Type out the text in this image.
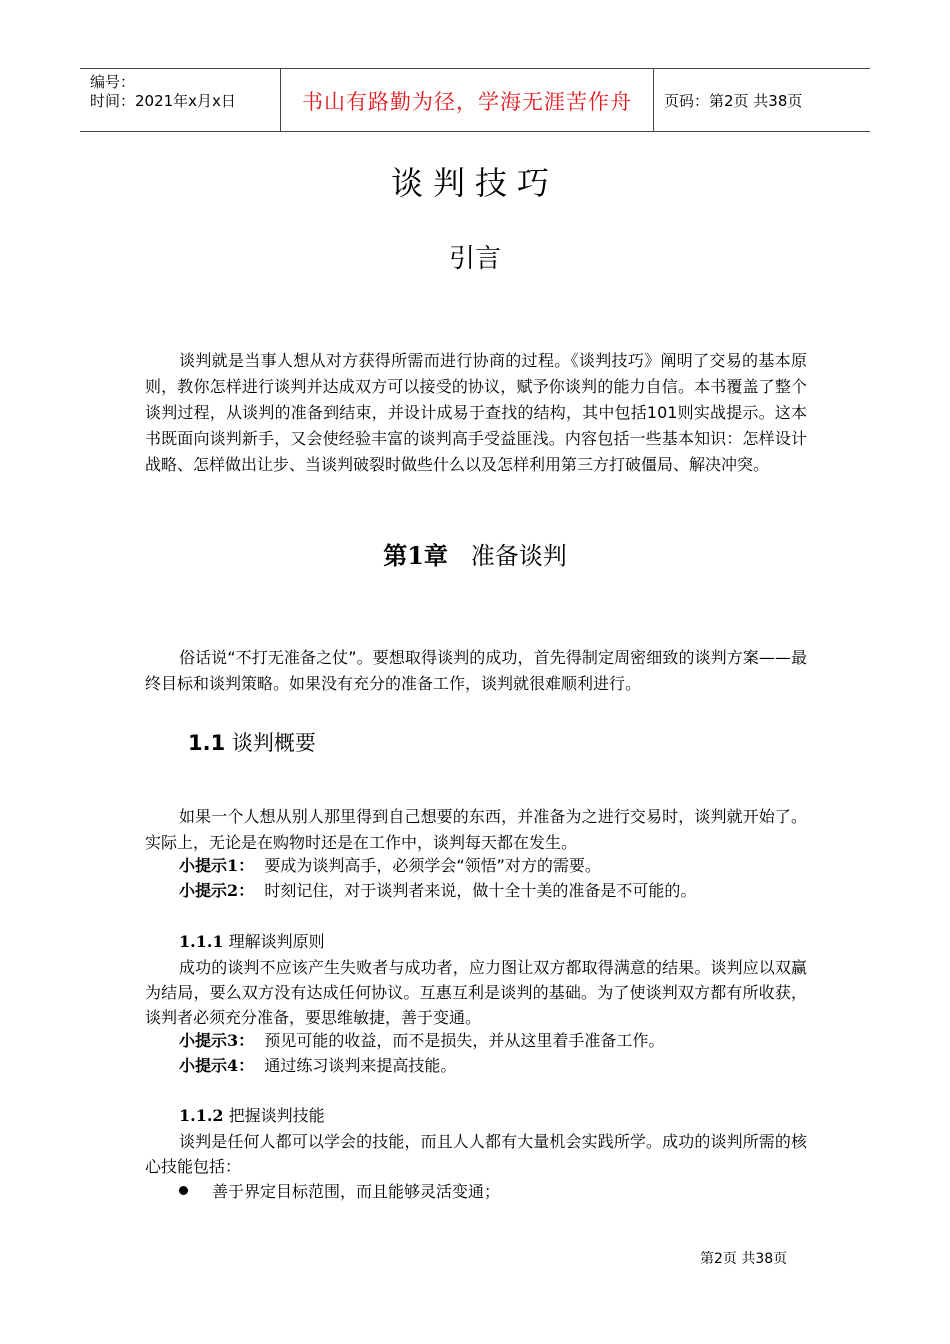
编号：
时间：2021年x月x日	书山有路勤为径，学海无涯苦作舟	页码：第2页 共38页
谈判技巧
引言
谈判就是当事人想从对方获得所需而进行协商的过程。《谈判技巧》阐明了交易的基本原则，教你怎样进行谈判并达成双方可以接受的协议，赋予你谈判的能力自信。本书覆盖了整个谈判过程，从谈判的准备到结束，并设计成易于查找的结构，其中包括101则实战提示。这本书既面向谈判新手，又会使经验丰富的谈判高手受益匪浅。内容包括一些基本知识：怎样设计战略、怎样做出让步、当谈判破裂时做些什么以及怎样利用第三方打破僵局、解决冲突。
第1章 准备谈判
俗话说“不打无准备之仗”。要想取得谈判的成功，首先得制定周密细致的谈判方案——最终目标和谈判策略。如果没有充分的准备工作，谈判就很难顺利进行。
1.1 谈判概要
如果一个人想从别人那里得到自己想要的东西，并准备为之进行交易时，谈判就开始了。实际上，无论是在购物时还是在工作中，谈判每天都在发生。
小提示1： 要成为谈判高手，必须学会“领悟”对方的需要。
小提示2： 时刻记住，对于谈判者来说，做十全十美的准备是不可能的。
1.1.1 理解谈判原则
成功的谈判不应该产生失败者与成功者，应力图让双方都取得满意的结果。谈判应以双赢为结局，要么双方没有达成任何协议。互惠互利是谈判的基础。为了使谈判双方都有所收获，谈判者必须充分准备，要思维敏捷，善于变通。
小提示3： 预见可能的收益，而不是损失，并从这里着手准备工作。
小提示4： 通过练习谈判来提高技能。
1.1.2 把握谈判技能
谈判是任何人都可以学会的技能，而且人人都有大量机会实践所学。成功的谈判所需的核心技能包括：
善于界定目标范围，而且能够灵活变通；
第2页 共38页
